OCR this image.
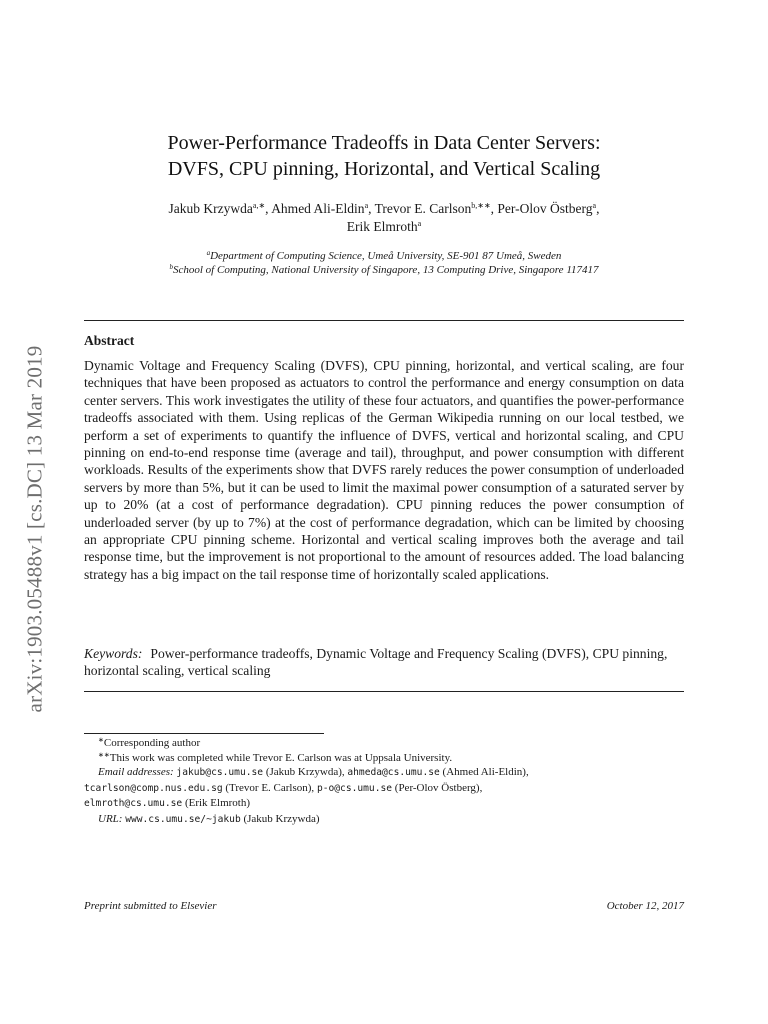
arXiv:1903.05488v1 [cs.DC] 13 Mar 2019
Power-Performance Tradeoffs in Data Center Servers:
DVFS, CPU pinning, Horizontal, and Vertical Scaling
Jakub Krzywda$^{a,∗}$, Ahmed Ali-Eldin$^a$, Trevor E. Carlson$^{b,∗∗}$, Per-Olov Östberg$^a$,
Erik Elmroth$^a$
$^a$Department of Computing Science, Umeå University, SE-901 87 Umeå, Sweden
$^b$School of Computing, National University of Singapore, 13 Computing Drive, Singapore 117417
Abstract
Dynamic Voltage and Frequency Scaling (DVFS), CPU pinning, horizontal, and vertical scaling, are four techniques that have been proposed as actuators to control the performance and energy consumption on data center servers. This work investigates the utility of these four actuators, and quantifies the power-performance tradeoffs associated with them. Using replicas of the German Wikipedia running on our local testbed, we perform a set of experiments to quantify the influence of DVFS, vertical and horizontal scaling, and CPU pinning on end-to-end response time (average and tail), throughput, and power consumption with different workloads. Results of the experiments show that DVFS rarely reduces the power consumption of underloaded servers by more than 5%, but it can be used to limit the maximal power consumption of a saturated server by up to 20% (at a cost of performance degradation). CPU pinning reduces the power consumption of underloaded server (by up to 7%) at the cost of performance degradation, which can be limited by choosing an appropriate CPU pinning scheme. Horizontal and vertical scaling improves both the average and tail response time, but the improvement is not proportional to the amount of resources added. The load balancing strategy has a big impact on the tail response time of horizontally scaled applications.
Keywords: Power-performance tradeoffs, Dynamic Voltage and Frequency Scaling (DVFS), CPU pinning, horizontal scaling, vertical scaling
∗Corresponding author
∗∗This work was completed while Trevor E. Carlson was at Uppsala University.
Email addresses: jakub@cs.umu.se (Jakub Krzywda), ahmeda@cs.umu.se (Ahmed Ali-Eldin),
tcarlson@comp.nus.edu.sg (Trevor E. Carlson), p-o@cs.umu.se (Per-Olov Östberg),
elmroth@cs.umu.se (Erik Elmroth)
URL: www.cs.umu.se/~jakub (Jakub Krzywda)
Preprint submitted to Elsevier	October 12, 2017
